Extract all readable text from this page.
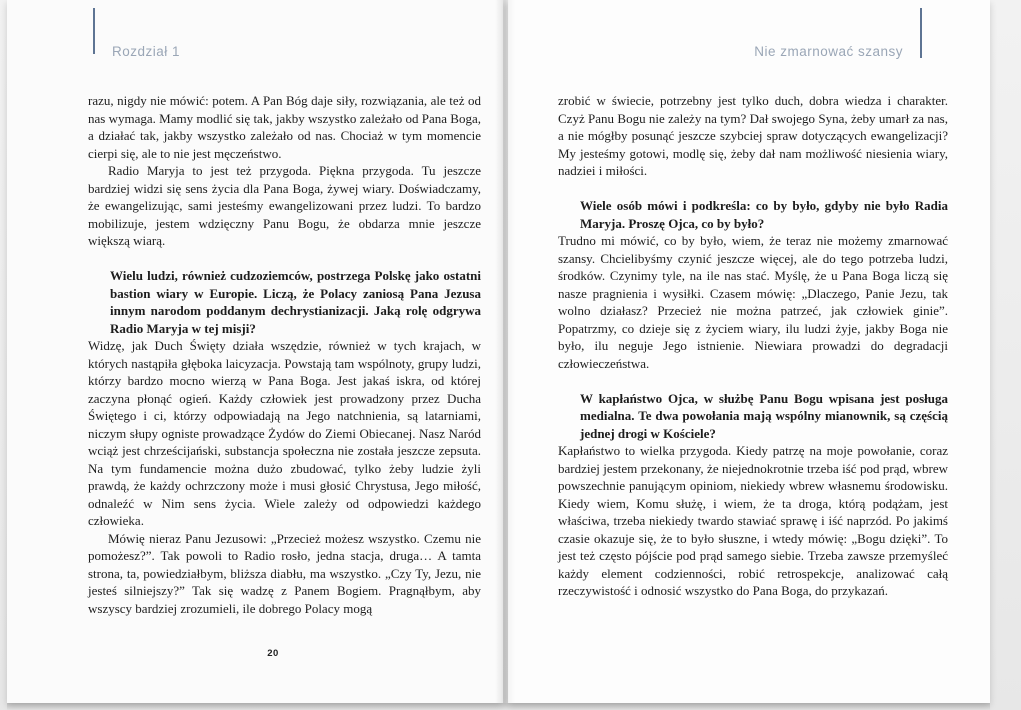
Rozdział 1

razu, nigdy nie mówić: potem. A Pan Bóg daje siły, rozwiązania, ale też od nas wymaga. Mamy modlić się tak, jakby wszystko zależało od Pana Boga, a działać tak, jakby wszystko zależało od nas. Chociaż w tym momencie cierpi się, ale to nie jest męczeństwo.

Radio Maryja to jest też przygoda. Piękna przygoda. Tu jeszcze bardziej widzi się sens życia dla Pana Boga, żywej wiary. Doświadczamy, że ewangelizując, sami jesteśmy ewangelizowani przez ludzi. To bardzo mobilizuje, jestem wdzięczny Panu Bogu, że obdarza mnie jeszcze większą wiarą.

Wielu ludzi, również cudzoziemców, postrzega Polskę jako ostatni bastion wiary w Europie. Liczą, że Polacy zaniosą Pana Jezusa innym narodom poddanym dechrystianizacji. Jaką rolę odgrywa Radio Maryja w tej misji?

Widzę, jak Duch Święty działa wszędzie, również w tych krajach, w których nastąpiła głęboka laicyzacja. Powstają tam wspólnoty, grupy ludzi, którzy bardzo mocno wierzą w Pana Boga. Jest jakaś iskra, od której zaczyna płonąć ogień. Każdy człowiek jest prowadzony przez Ducha Świętego i ci, którzy odpowiadają na Jego natchnienia, są latarniami, niczym słupy ogniste prowadzące Żydów do Ziemi Obiecanej. Nasz Naród wciąż jest chrześcijański, substancja społeczna nie została jeszcze zepsuta. Na tym fundamencie można dużo zbudować, tylko żeby ludzie żyli prawdą, że każdy ochrzczony może i musi głosić Chrystusa, Jego miłość, odnaleźć w Nim sens życia. Wiele zależy od odpowiedzi każdego człowieka.

Mówię nieraz Panu Jezusowi: „Przecież możesz wszystko. Czemu nie pomożesz?”. Tak powoli to Radio rosło, jedna stacja, druga… A tamta strona, ta, powiedziałbym, bliższa diabłu, ma wszystko. „Czy Ty, Jezu, nie jesteś silniejszy?” Tak się wadzę z Panem Bogiem. Pragnąłbym, aby wszyscy bardziej zrozumieli, ile dobrego Polacy mogą

20
Nie zmarnować szansy

zrobić w świecie, potrzebny jest tylko duch, dobra wiedza i charakter. Czyż Panu Bogu nie zależy na tym? Dał swojego Syna, żeby umarł za nas, a nie mógłby posunąć jeszcze szybciej spraw dotyczących ewangelizacji? My jesteśmy gotowi, modlę się, żeby dał nam możliwość niesienia wiary, nadziei i miłości.

Wiele osób mówi i podkreśla: co by było, gdyby nie było Radia Maryja. Proszę Ojca, co by było?

Trudno mi mówić, co by było, wiem, że teraz nie możemy zmarnować szansy. Chcielibyśmy czynić jeszcze więcej, ale do tego potrzeba ludzi, środków. Czynimy tyle, na ile nas stać. Myślę, że u Pana Boga liczą się nasze pragnienia i wysiłki. Czasem mówię: „Dlaczego, Panie Jezu, tak wolno działasz? Przecież nie można patrzeć, jak człowiek ginie”. Popatrzmy, co dzieje się z życiem wiary, ilu ludzi żyje, jakby Boga nie było, ilu neguje Jego istnienie. Niewiara prowadzi do degradacji człowieczeństwa.

W kapłaństwo Ojca, w służbę Panu Bogu wpisana jest posługa medialna. Te dwa powołania mają wspólny mianownik, są częścią jednej drogi w Kościele?

Kapłaństwo to wielka przygoda. Kiedy patrzę na moje powołanie, coraz bardziej jestem przekonany, że niejednokrotnie trzeba iść pod prąd, wbrew powszechnie panującym opiniom, niekiedy wbrew własnemu środowisku. Kiedy wiem, Komu służę, i wiem, że ta droga, którą podążam, jest właściwa, trzeba niekiedy twardo stawiać sprawę i iść naprzód. Po jakimś czasie okazuje się, że to było słuszne, i wtedy mówię: „Bogu dzięki”. To jest też często pójście pod prąd samego siebie. Trzeba zawsze przemyśleć każdy element codzienności, robić retrospekcje, analizować całą rzeczywistość i odnosić wszystko do Pana Boga, do przykazań.
